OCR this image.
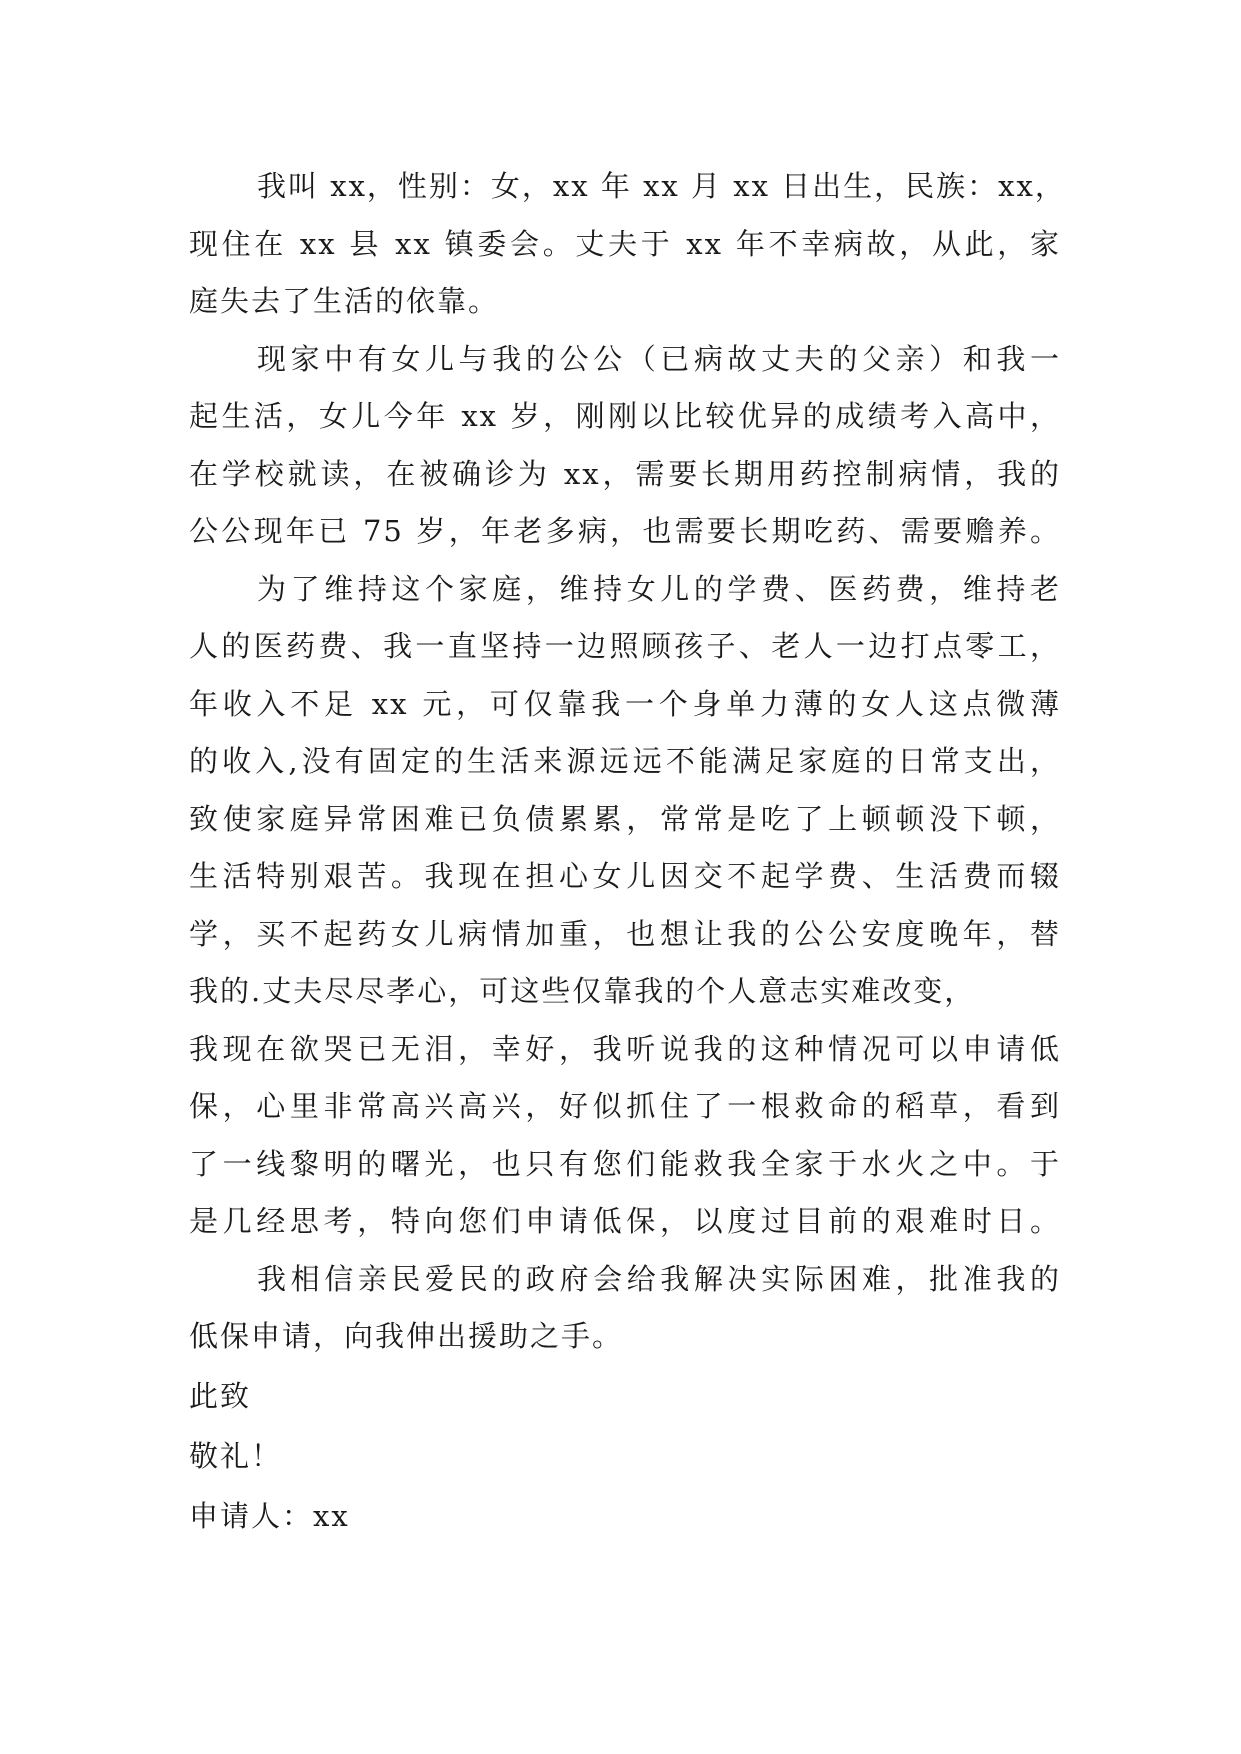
我叫 xx，性别：女，xx 年 xx 月 xx 日出生，民族：xx，
现住在 xx 县 xx 镇委会。丈夫于 xx 年不幸病故，从此，家
庭失去了生活的依靠。
现家中有女儿与我的公公（已病故丈夫的父亲）和我一
起生活，女儿今年 xx 岁，刚刚以比较优异的成绩考入高中，
在学校就读，在被确诊为 xx，需要长期用药控制病情，我的
公公现年已 75 岁，年老多病，也需要长期吃药、需要赡养。
为了维持这个家庭，维持女儿的学费、医药费，维持老
人的医药费、我一直坚持一边照顾孩子、老人一边打点零工，
年收入不足 xx 元，可仅靠我一个身单力薄的女人这点微薄
的收入,没有固定的生活来源远远不能满足家庭的日常支出，
致使家庭异常困难已负债累累，常常是吃了上顿顿没下顿，
生活特别艰苦。我现在担心女儿因交不起学费、生活费而辍
学，买不起药女儿病情加重，也想让我的公公安度晚年，替
我的.丈夫尽尽孝心，可这些仅靠我的个人意志实难改变，
我现在欲哭已无泪，幸好，我听说我的这种情况可以申请低
保，心里非常高兴高兴，好似抓住了一根救命的稻草，看到
了一线黎明的曙光，也只有您们能救我全家于水火之中。于
是几经思考，特向您们申请低保，以度过目前的艰难时日。
我相信亲民爱民的政府会给我解决实际困难，批准我的
低保申请，向我伸出援助之手。
此致
敬礼！
申请人：xx
